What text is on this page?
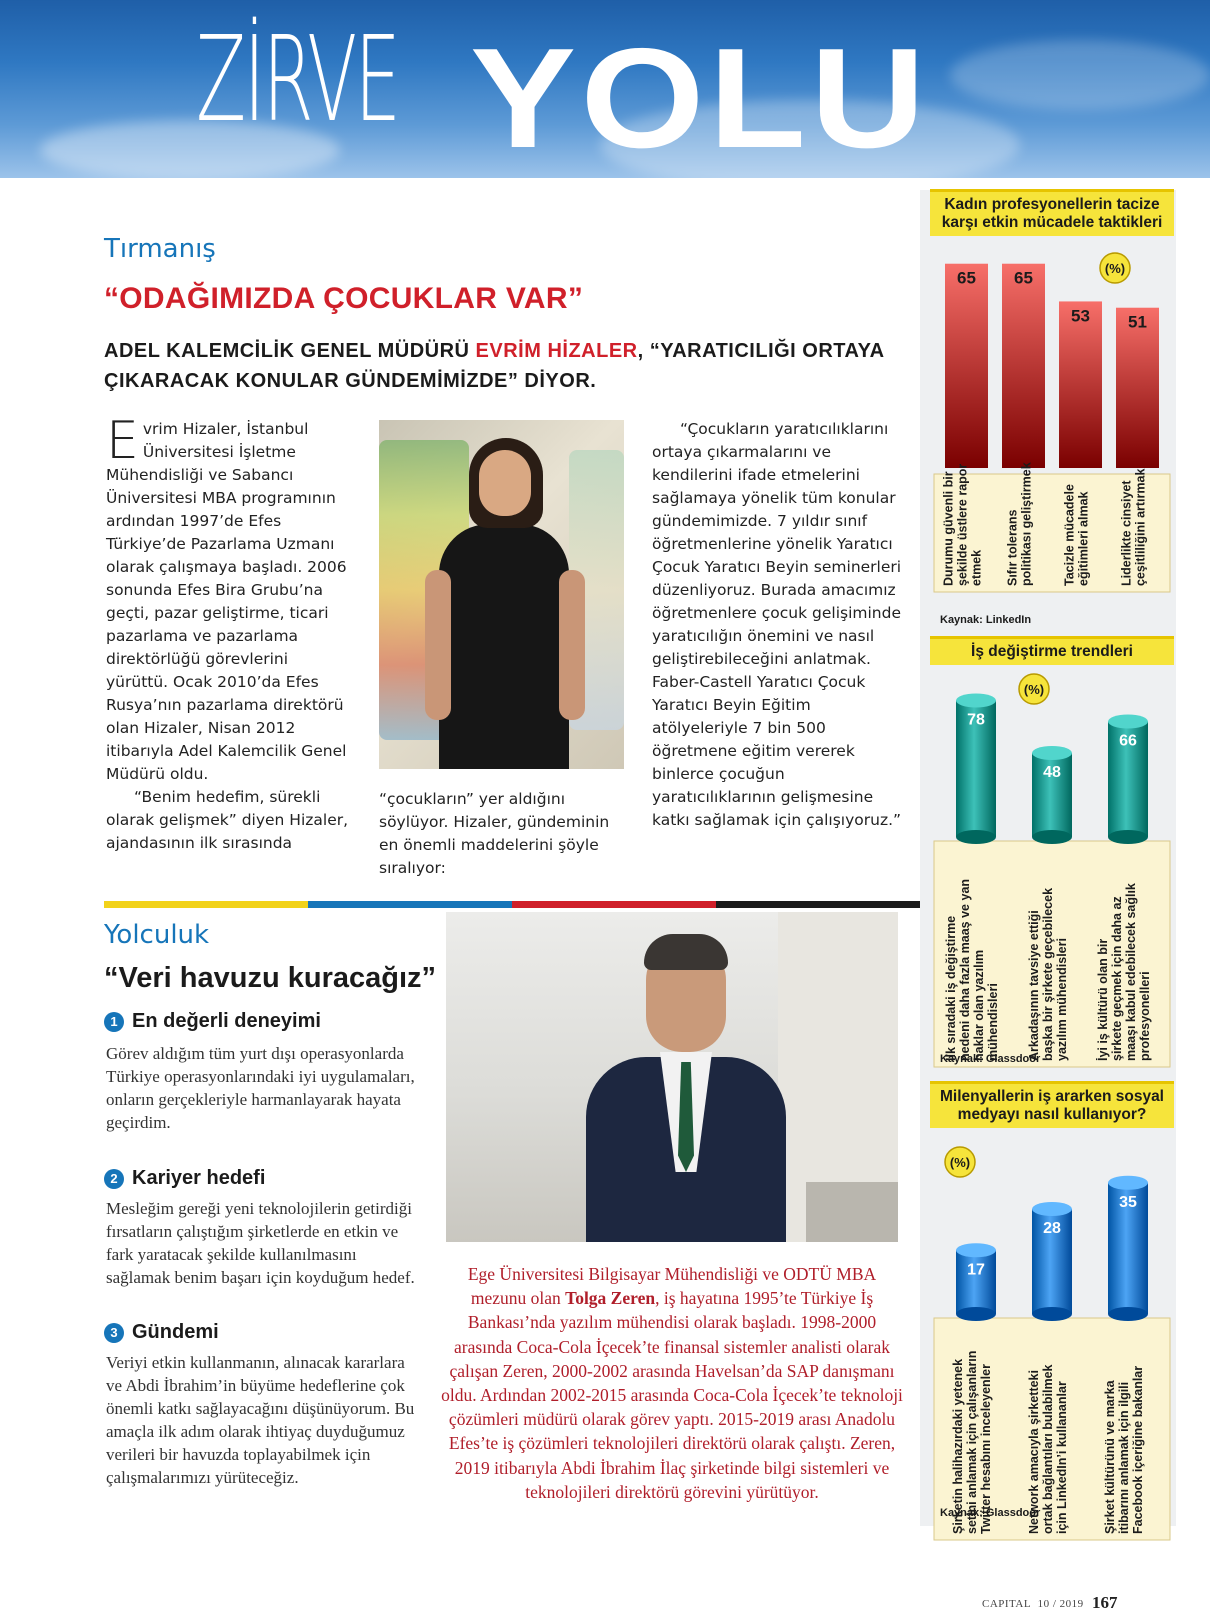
ZİRVE YOLU
Tırmanış
“ODAĞIMIZDA ÇOCUKLAR VAR”
ADEL KALEMCİLİK GENEL MÜDÜRÜ EVRİM HİZALER, “YARATICILIĞI ORTAYA ÇIKARACAK KONULAR GÜNDEMİMİZDE” DİYOR.

Evrim Hizaler, İstanbul Üniversitesi İşletme Mühendisliği ve Sabancı Üniversitesi MBA programının ardından 1997’de Efes Türkiye’de Pazarlama Uzmanı olarak çalışmaya başladı. 2006 sonunda Efes Bira Grubu’na geçti, pazar geliştirme, ticari pazarlama ve pazarlama direktörlüğü görevlerini yürüttü. Ocak 2010’da Efes Rusya’nın pazarlama direktörü olan Hizaler, Nisan 2012 itibarıyla Adel Kalemcilik Genel Müdürü oldu.

“Benim hedefim, sürekli olarak gelişmek” diyen Hizaler, ajandasının ilk sırasında

“çocukların” yer aldığını söylüyor. Hizaler, gündeminin en önemli maddelerini şöyle sıralıyor:

“Çocukların yaratıcılıklarını ortaya çıkarmalarını ve kendilerini ifade etmelerini sağlamaya yönelik tüm konular gündemimizde. 7 yıldır sınıf öğretmenlerine yönelik Yaratıcı Çocuk Yaratıcı Beyin seminerleri düzenliyoruz. Burada amacımız öğretmenlere çocuk gelişiminde yaratıcılığın önemini ve nasıl geliştirebileceğini anlatmak. Faber-Castell Yaratıcı Çocuk Yaratıcı Beyin Eğitim atölyeleriyle 7 bin 500 öğretmene eğitim vererek binlerce çocuğun yaratıcılıklarının gelişmesine katkı sağlamak için çalışıyoruz.”

Yolculuk
“Veri havuzu kuracağız”
1 En değerli deneyimi
Görev aldığım tüm yurt dışı operasyonlarda Türkiye operasyonlarındaki iyi uygulamaları, onların gerçekleriyle harmanlayarak hayata geçirdim.
2 Kariyer hedefi
Mesleğim gereği yeni teknolojilerin getirdiği fırsatların çalıştığım şirketlerde en etkin ve fark yaratacak şekilde kullanılmasını sağlamak benim başarı için koyduğum hedef.
3 Gündemi
Veriyi etkin kullanmanın, alınacak kararlara ve Abdi İbrahim’in büyüme hedeflerine çok önemli katkı sağlayacağını düşünüyorum. Bu amaçla ilk adım olarak ihtiyaç duyduğumuz verileri bir havuzda toplayabilmek için çalışmalarımızı yürüteceğiz.
Ege Üniversitesi Bilgisayar Mühendisliği ve ODTÜ MBA mezunu olan Tolga Zeren, iş hayatına 1995’te Türkiye İş Bankası’nda yazılım mühendisi olarak başladı. 1998-2000 arasında Coca-Cola İçecek’te finansal sistemler analisti olarak çalışan Zeren, 2000-2002 arasında Havelsan’da SAP danışmanı oldu. Ardından 2002-2015 arasında Coca-Cola İçecek’te teknoloji çözümleri müdürü olarak görev yaptı. 2015-2019 arası Anadolu Efes’te iş çözümleri teknolojileri direktörü olarak çalıştı. Zeren, 2019 itibarıyla Abdi İbrahim İlaç şirketinde bilgi sistemleri ve teknolojileri direktörü görevini yürütüyor.
Kadın profesyonellerin tacize karşı etkin mücadele taktikleri
65
Durumu güvenli birşekilde üstlere raporetmek
65
Sıfır toleranspolitikası geliştirmek
53
Tacizle mücadeleeğitimleri almak
51
Liderlikte cinsiyetçeşitliliğini artırmak
(%)
Kaynak: LinkedIn
İş değiştirme trendleri
78
İlk sıradaki iş değiştirmenedeni daha fazla maaş ve yanhaklar olan yazılımmühendisleri
48
Arkadaşının tavsiye ettiğibaşka bir şirkete geçebilecekyazılım mühendisleri
66
İyi iş kültürü olan birşirkete geçmek için daha azmaaşı kabul edebilecek sağlıkprofesyonelleri
(%)
Kaynak: Glassdoor
Milenyallerin iş ararken sosyal medyayı nasıl kullanıyor?
17
Şirketin halihazırdaki yeteneksetini anlamak için çalışanlarınTwitter hesabını inceleyenler
28
Network amacıyla şirkettekiortak bağlantıları bulabilmekiçin LinkedIn’i kullananlar
35
Şirket kültürünü ve markaitibarını anlamak için ilgiliFacebook içeriğine bakanlar
(%)
Kaynak: Glassdoor
CAPITAL 10 / 2019 167
